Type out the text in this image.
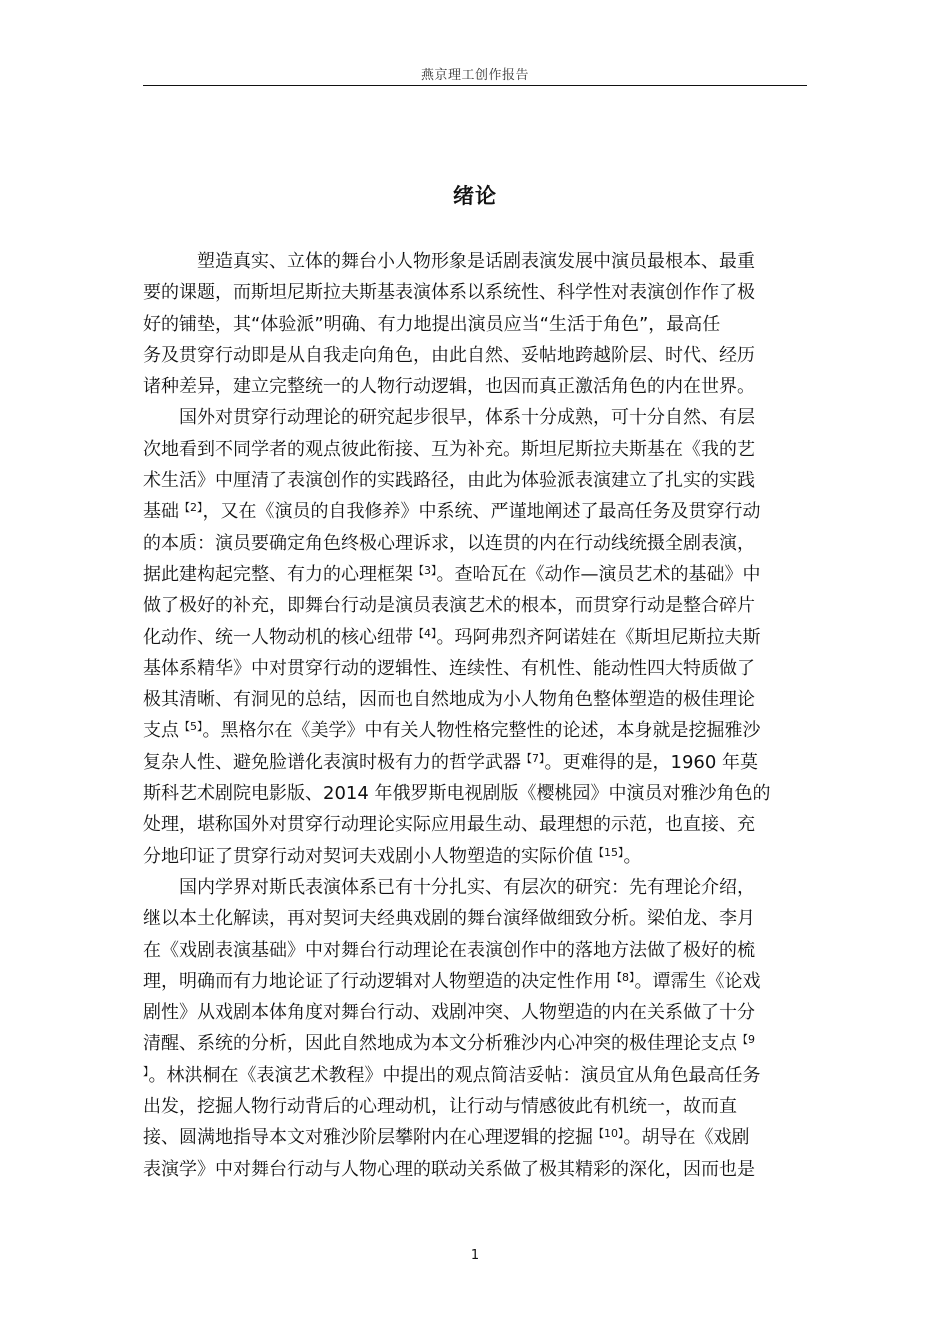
燕京理工创作报告
绪论
塑造真实、立体的舞台小人物形象是话剧表演发展中演员最根本、最重
要的课题，而斯坦尼斯拉夫斯基表演体系以系统性、科学性对表演创作作了极
好的铺垫，其“体验派”明确、有力地提出演员应当“生活于角色”，最高任
务及贯穿行动即是从自我走向角色，由此自然、妥帖地跨越阶层、时代、经历
诸种差异，建立完整统一的人物行动逻辑，也因而真正激活角色的内在世界。
国外对贯穿行动理论的研究起步很早，体系十分成熟，可十分自然、有层
次地看到不同学者的观点彼此衔接、互为补充。斯坦尼斯拉夫斯基在《我的艺
术生活》中厘清了表演创作的实践路径，由此为体验派表演建立了扎实的实践
基础$^{【2】}$，又在《演员的自我修养》中系统、严谨地阐述了最高任务及贯穿行动
的本质：演员要确定角色终极心理诉求，以连贯的内在行动线统摄全剧表演，
据此建构起完整、有力的心理框架$^{【3】}$。查哈瓦在《动作—演员艺术的基础》中
做了极好的补充，即舞台行动是演员表演艺术的根本，而贯穿行动是整合碎片
化动作、统一人物动机的核心纽带$^{【4】}$。玛阿弗烈齐阿诺娃在《斯坦尼斯拉夫斯
基体系精华》中对贯穿行动的逻辑性、连续性、有机性、能动性四大特质做了
极其清晰、有洞见的总结，因而也自然地成为小人物角色整体塑造的极佳理论
支点$^{【5】}$。黑格尔在《美学》中有关人物性格完整性的论述，本身就是挖掘雅沙
复杂人性、避免脸谱化表演时极有力的哲学武器$^{【7】}$。更难得的是，1960 年莫
斯科艺术剧院电影版、2014 年俄罗斯电视剧版《樱桃园》中演员对雅沙角色的
处理，堪称国外对贯穿行动理论实际应用最生动、最理想的示范，也直接、充
分地印证了贯穿行动对契诃夫戏剧小人物塑造的实际价值$^{【15】}$。
国内学界对斯氏表演体系已有十分扎实、有层次的研究：先有理论介绍，
继以本土化解读，再对契诃夫经典戏剧的舞台演绎做细致分析。梁伯龙、李月
在《戏剧表演基础》中对舞台行动理论在表演创作中的落地方法做了极好的梳
理，明确而有力地论证了行动逻辑对人物塑造的决定性作用$^{【8】}$。谭霈生《论戏
剧性》从戏剧本体角度对舞台行动、戏剧冲突、人物塑造的内在关系做了十分
清醒、系统的分析，因此自然地成为本文分析雅沙内心冲突的极佳理论支点$^{【9}$
】。林洪桐在《表演艺术教程》中提出的观点简洁妥帖：演员宜从角色最高任务
出发，挖掘人物行动背后的心理动机，让行动与情感彼此有机统一，故而直
接、圆满地指导本文对雅沙阶层攀附内在心理逻辑的挖掘$^{【10】}$。胡导在《戏剧
表演学》中对舞台行动与人物心理的联动关系做了极其精彩的深化，因而也是
1
